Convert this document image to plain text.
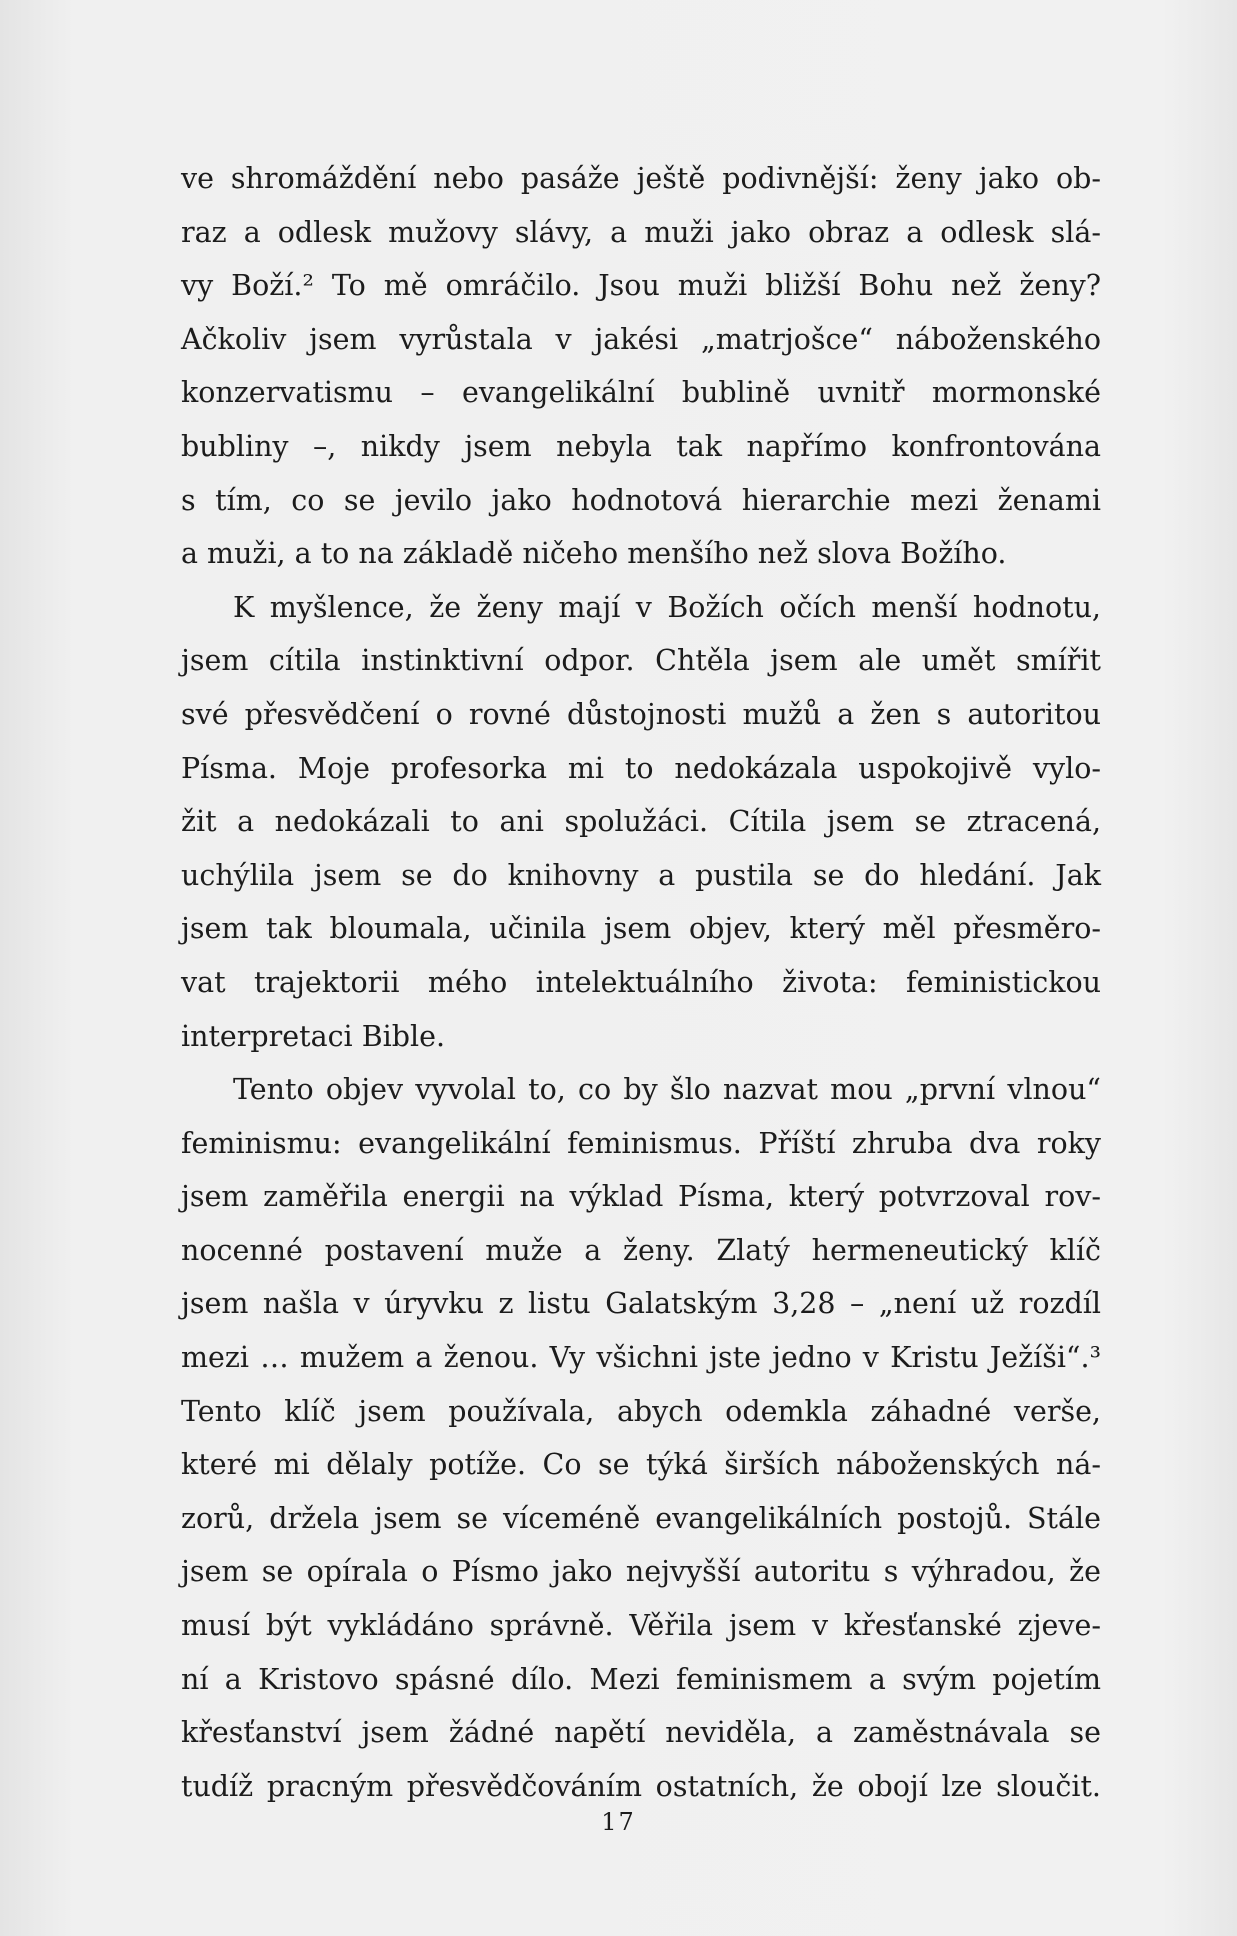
ve shromáždění nebo pasáže ještě podivnější: ženy jako ob-
raz a odlesk mužovy slávy, a muži jako obraz a odlesk slá-
vy Boží.² To mě omráčilo. Jsou muži bližší Bohu než ženy?
Ačkoliv jsem vyrůstala v jakési „matrjošce“ náboženského
konzervatismu – evangelikální bublině uvnitř mormonské
bubliny –, nikdy jsem nebyla tak napřímo konfrontována
s tím, co se jevilo jako hodnotová hierarchie mezi ženami
a muži, a to na základě ničeho menšího než slova Božího.
K myšlence, že ženy mají v Božích očích menší hodnotu,
jsem cítila instinktivní odpor. Chtěla jsem ale umět smířit
své přesvědčení o rovné důstojnosti mužů a žen s autoritou
Písma. Moje profesorka mi to nedokázala uspokojivě vylo-
žit a nedokázali to ani spolužáci. Cítila jsem se ztracená,
uchýlila jsem se do knihovny a pustila se do hledání. Jak
jsem tak bloumala, učinila jsem objev, který měl přesměro-
vat trajektorii mého intelektuálního života: feministickou
interpretaci Bible.
Tento objev vyvolal to, co by šlo nazvat mou „první vlnou“
feminismu: evangelikální feminismus. Příští zhruba dva roky
jsem zaměřila energii na výklad Písma, který potvrzoval rov-
nocenné postavení muže a ženy. Zlatý hermeneutický klíč
jsem našla v úryvku z listu Galatským 3,28 – „není už rozdíl
mezi … mužem a ženou. Vy všichni jste jedno v Kristu Ježíši“.³
Tento klíč jsem používala, abych odemkla záhadné verše,
které mi dělaly potíže. Co se týká širších náboženských ná-
zorů, držela jsem se víceméně evangelikálních postojů. Stále
jsem se opírala o Písmo jako nejvyšší autoritu s výhradou, že
musí být vykládáno správně. Věřila jsem v křesťanské zjeve-
ní a Kristovo spásné dílo. Mezi feminismem a svým pojetím
křesťanství jsem žádné napětí neviděla, a zaměstnávala se
tudíž pracným přesvědčováním ostatních, že obojí lze sloučit.
17
